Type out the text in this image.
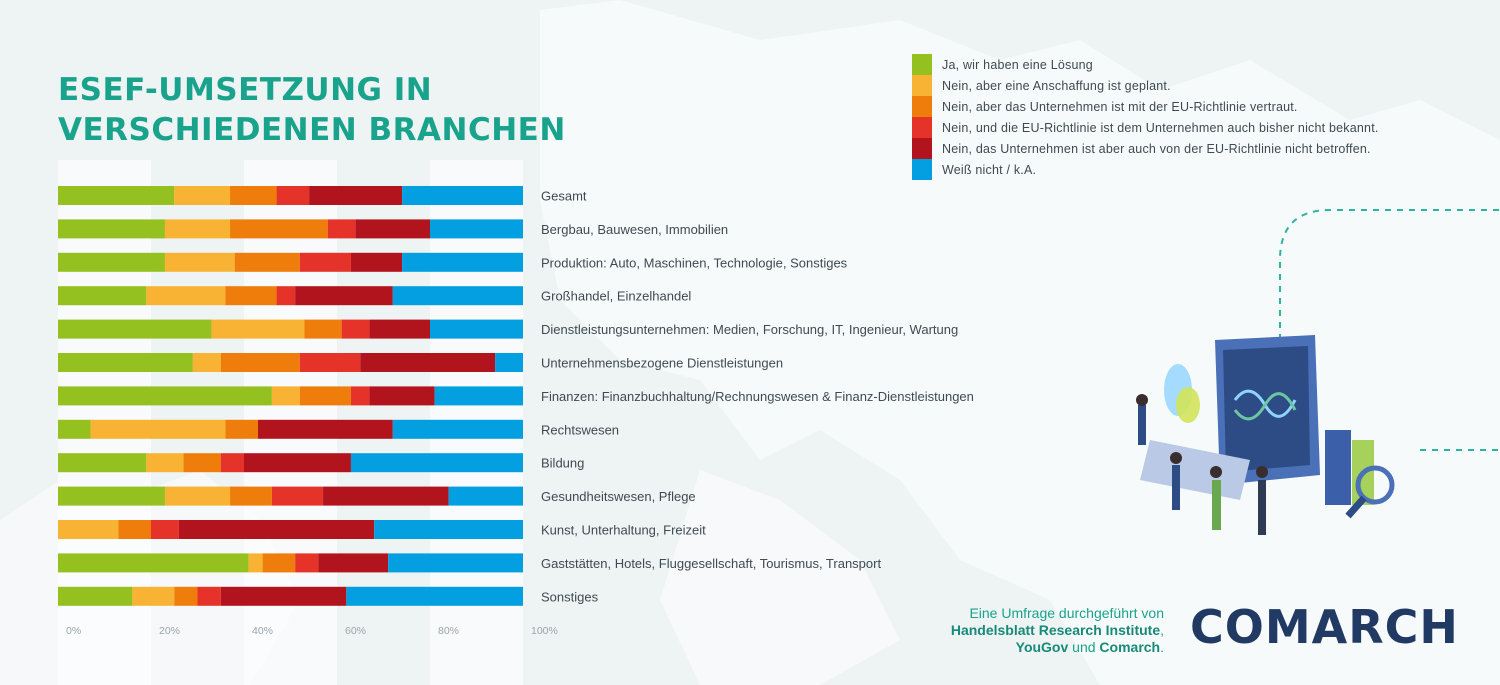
ESEF-UMSETZUNG IN
VERSCHIEDENEN BRANCHEN
Gesamt
Bergbau, Bauwesen, Immobilien
Produktion: Auto, Maschinen, Technologie, Sonstiges
Großhandel, Einzelhandel
Dienstleistungsunternehmen: Medien, Forschung, IT, Ingenieur, Wartung
Unternehmensbezogene Dienstleistungen
Finanzen: Finanzbuchhaltung/Rechnungswesen & Finanz-Dienstleistungen
Rechtswesen
Bildung
Gesundheitswesen, Pflege
Kunst, Unterhaltung, Freizeit
Gaststätten, Hotels, Fluggesellschaft, Tourismus, Transport
Sonstiges
0%	20%	40%	60%	80%	100%
Ja, wir haben eine Lösung
Nein, aber eine Anschaffung ist geplant.
Nein, aber das Unternehmen ist mit der EU-Richtlinie vertraut.
Nein, und die EU-Richtlinie ist dem Unternehmen auch bisher nicht bekannt.
Nein, das Unternehmen ist aber auch von der EU-Richtlinie nicht betroffen.
Weiß nicht / k.A.
Eine Umfrage durchgeführt von
Handelsblatt Research Institute,
YouGov und Comarch. COMARCH
